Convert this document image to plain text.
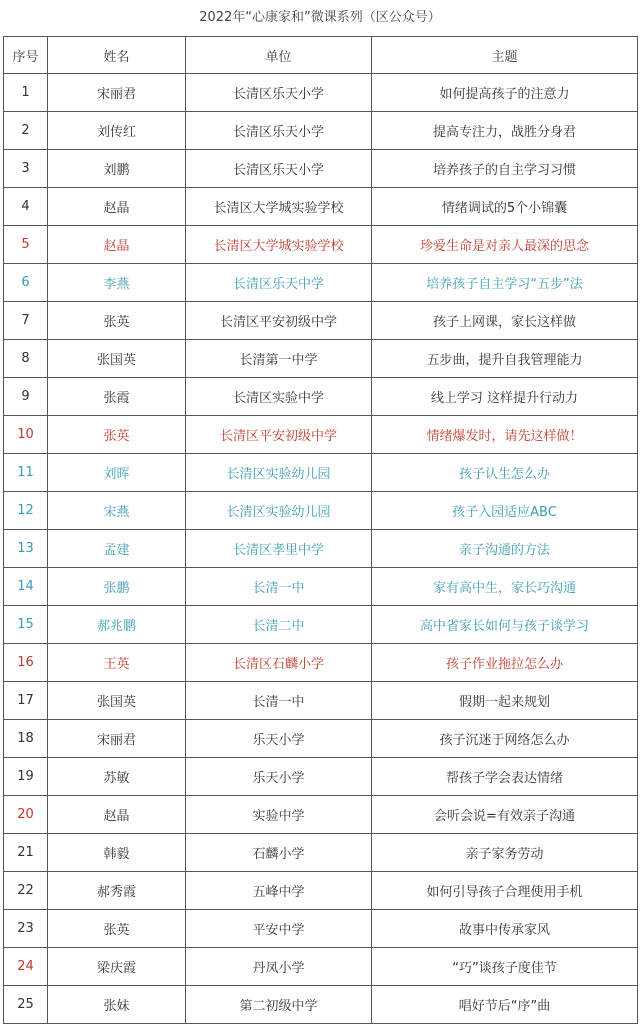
2022年“心康家和”微课系列（区公众号）
序号	姓名	单位	主题
1	宋丽君	长清区乐天小学	如何提高孩子的注意力
2	刘传红	长清区乐天小学	提高专注力，战胜分身君
3	刘鹏	长清区乐天小学	培养孩子的自主学习习惯
4	赵晶	长清区大学城实验学校	情绪调试的5个小锦囊
5	赵晶	长清区大学城实验学校	珍爱生命是对亲人最深的思念
6	李燕	长清区乐天中学	培养孩子自主学习“五步”法
7	张英	长清区平安初级中学	孩子上网课，家长这样做
8	张国英	长清第一中学	五步曲，提升自我管理能力
9	张霞	长清区实验中学	线上学习 这样提升行动力
10	张英	长清区平安初级中学	情绪爆发时，请先这样做！
11	刘晖	长清区实验幼儿园	孩子认生怎么办
12	宋燕	长清区实验幼儿园	孩子入园适应ABC
13	孟建	长清区孝里中学	亲子沟通的方法
14	张鹏	长清一中	家有高中生，家长巧沟通
15	郝兆鹏	长清二中	高中省家长如何与孩子谈学习
16	王英	长清区石麟小学	孩子作业拖拉怎么办
17	张国英	长清一中	假期一起来规划
18	宋丽君	乐天小学	孩子沉迷于网络怎么办
19	苏敏	乐天小学	帮孩子学会表达情绪
20	赵晶	实验中学	会听会说=有效亲子沟通
21	韩毅	石麟小学	亲子家务劳动
22	郝秀霞	五峰中学	如何引导孩子合理使用手机
23	张英	平安中学	故事中传承家风
24	梁庆霞	丹凤小学	“巧”谈孩子度佳节
25	张妹	第二初级中学	唱好节后“序”曲
